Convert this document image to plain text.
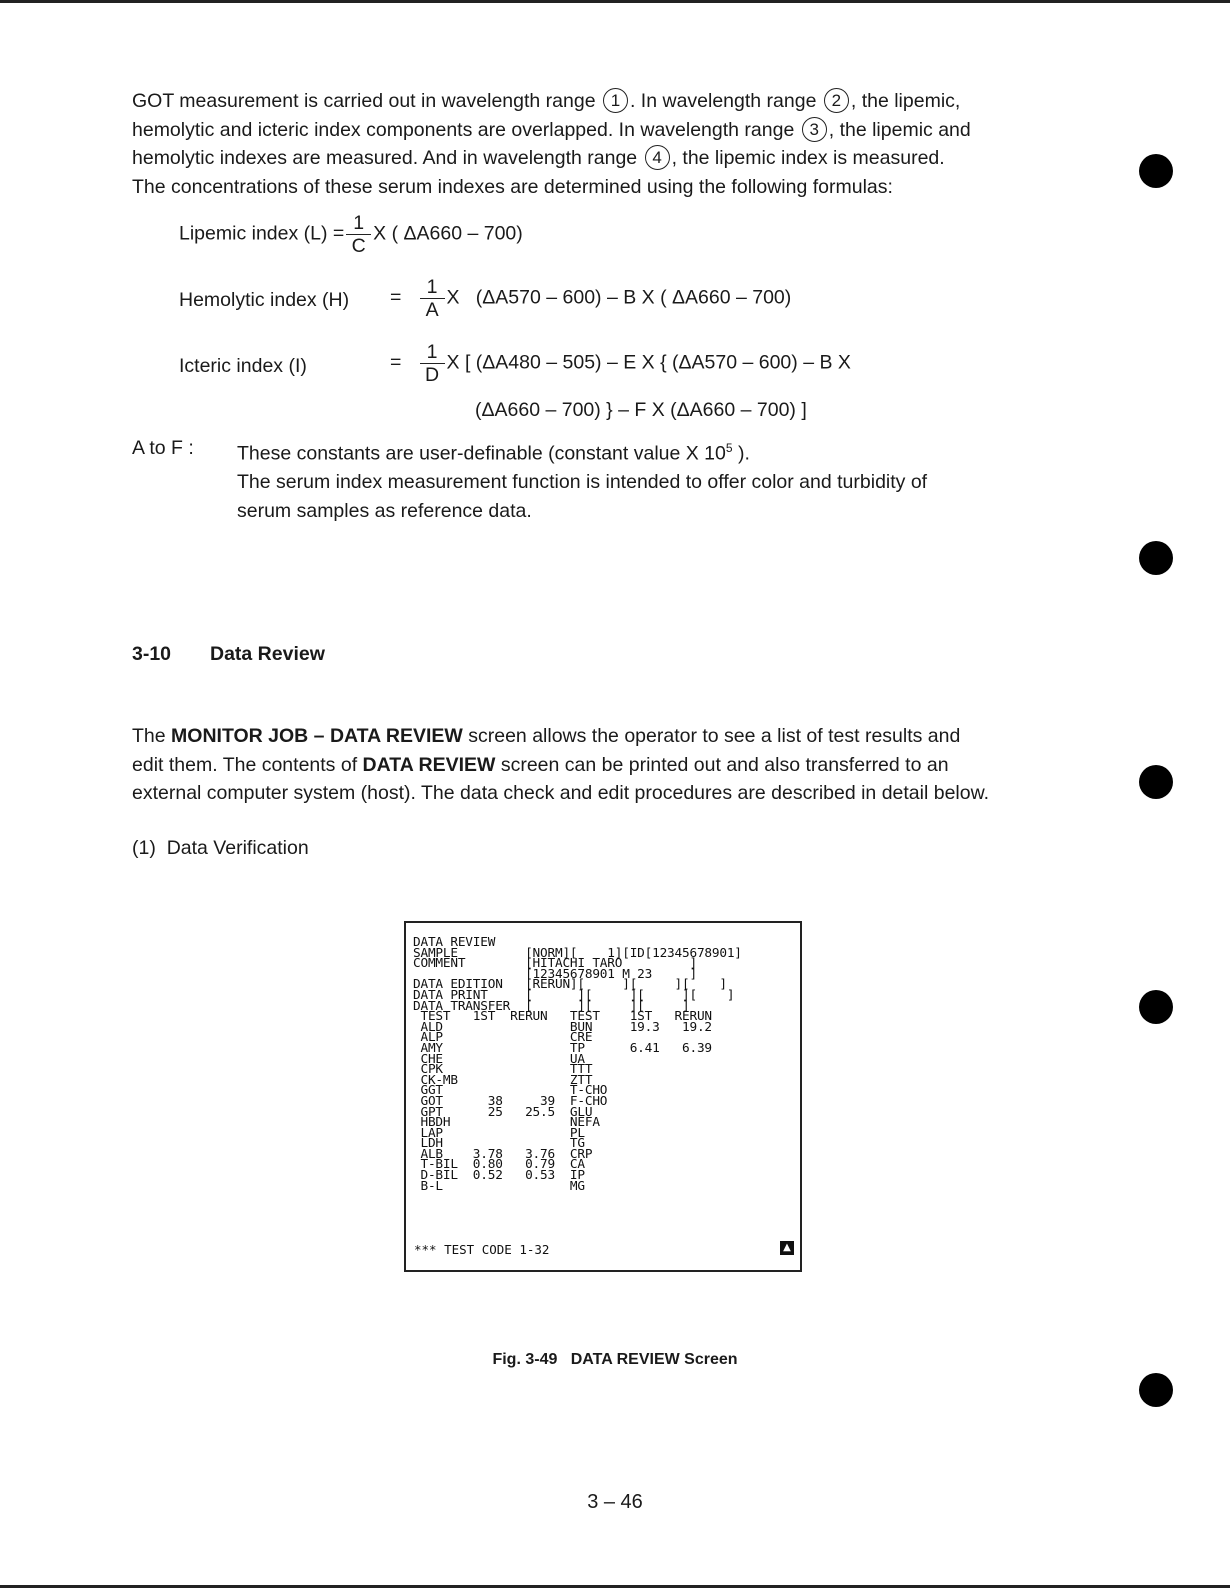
GOT measurement is carried out in wavelength range 1 . In wavelength range 2 , the lipemic,
hemolytic and icteric index components are overlapped. In wavelength range 3 , the lipemic and
hemolytic indexes are measured. And in wavelength range 4 , the lipemic index is measured.
The concentrations of these serum indexes are determined using the following formulas:
Lipemic index $(L) = \frac{1}{C}$ X ( ΔA660 – 700)
Hemolytic index $(H) = \frac{1}{A}$ X   (ΔA570 – 600) – B X ( ΔA660 – 700)
Icteric index (I)	= $\frac{1}{D}$ X [ (ΔA480 – 505) – E X { (ΔA570 – 600) – B X
(ΔA660 – 700) } – F X (ΔA660 – 700) ]
A to F : These constants are user-definable (constant value X $10^5$ ).
The serum index measurement function is intended to offer color and turbidity of
serum samples as reference data.
3-10 Data Review
The MONITOR JOB – DATA REVIEW screen allows the operator to see a list of test results and
edit them. The contents of DATA REVIEW screen can be printed out and also transferred to an
external computer system (host). The data check and edit procedures are described in detail below.
(1) Data Verification
DATA REVIEW
SAMPLE         [NORM][    1][ID[12345678901]
COMMENT        [HITACHI TARO         ]
[12345678901 M 23     ]
DATA EDITION   [RERUN][     ][     ][    ]
DATA PRINT     [      ][     ][     ][    ]
DATA TRANSFER  [      ][     ][     ]
TEST   1ST  RERUN   TEST    1ST   RERUN
ALD                 BUN     19.3   19.2
ALP                 CRE
AMY                 TP      6.41   6.39
CHE                 UA
CPK                 TTT
CK-MB               ZTT
GGT                 T-CHO
GOT      38     39  F-CHO
GPT      25   25.5  GLU
HBDH                NEFA
LAP                 PL
LDH                 TG
ALB    3.78   3.76  CRP
T-BIL  0.80   0.79  CA
D-BIL  0.52   0.53  IP
B-L                 MG
*** TEST CODE 1-32	▲
Fig. 3-49 DATA REVIEW Screen
3 – 46
